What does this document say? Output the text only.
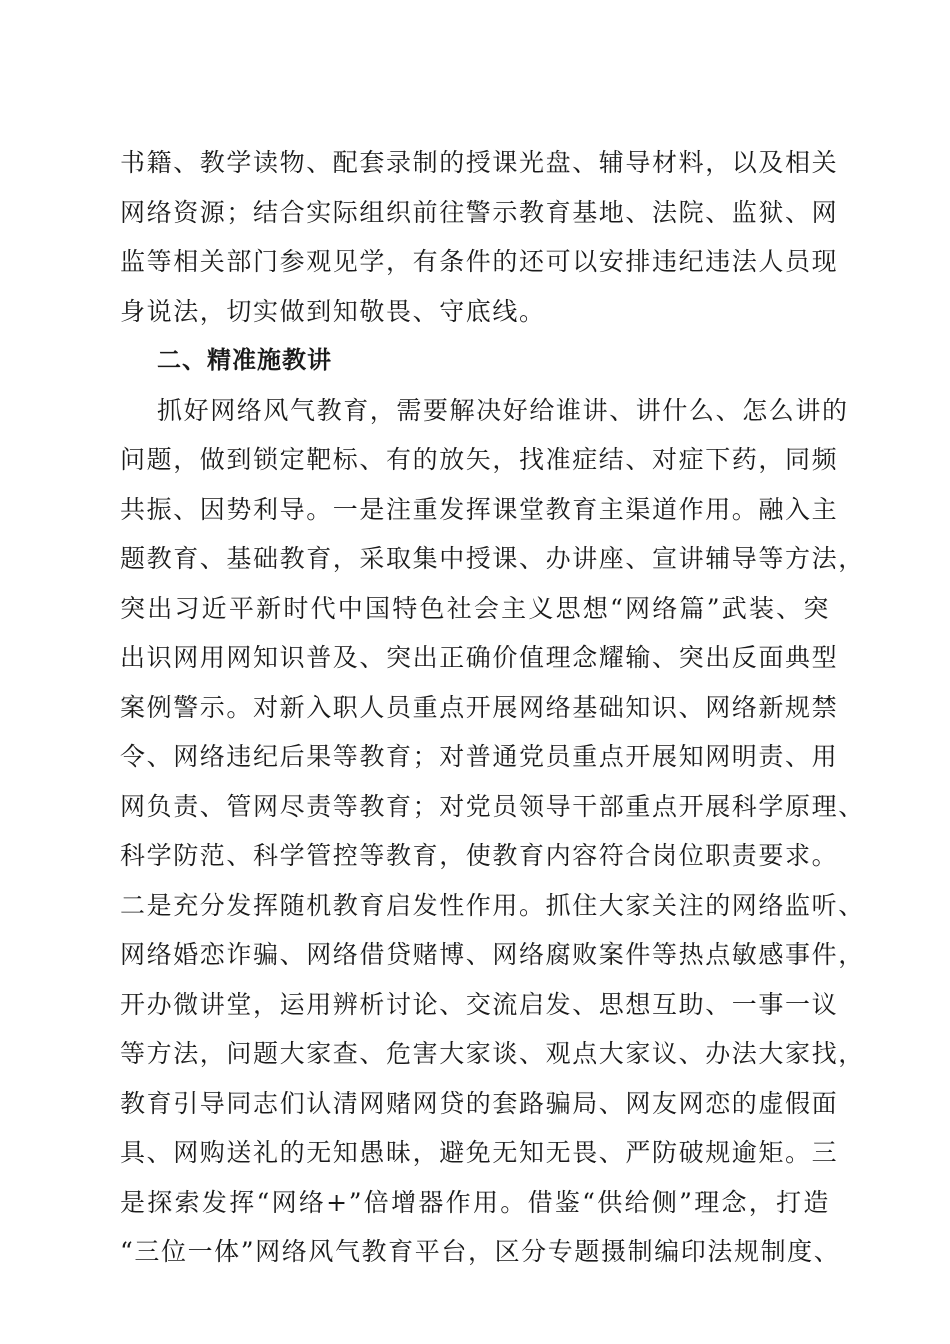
书籍、教学读物、配套录制的授课光盘、辅导材料，以及相关
网络资源；结合实际组织前往警示教育基地、法院、监狱、网
监等相关部门参观见学，有条件的还可以安排违纪违法人员现
身说法，切实做到知敬畏、守底线。
二、精准施教讲
抓好网络风气教育，需要解决好给谁讲、讲什么、怎么讲的
问题，做到锁定靶标、有的放矢，找准症结、对症下药，同频
共振、因势利导。一是注重发挥课堂教育主渠道作用。融入主
题教育、基础教育，采取集中授课、办讲座、宣讲辅导等方法，
突出习近平新时代中国特色社会主义思想“网络篇”武装、突
出识网用网知识普及、突出正确价值理念耀输、突出反面典型
案例警示。对新入职人员重点开展网络基础知识、网络新规禁
令、网络违纪后果等教育；对普通党员重点开展知网明责、用
网负责、管网尽责等教育；对党员领导干部重点开展科学原理、
科学防范、科学管控等教育，使教育内容符合岗位职责要求。
二是充分发挥随机教育启发性作用。抓住大家关注的网络监听、
网络婚恋诈骗、网络借贷赌博、网络腐败案件等热点敏感事件，
开办微讲堂，运用辨析讨论、交流启发、思想互助、一事一议
等方法，问题大家查、危害大家谈、观点大家议、办法大家找，
教育引导同志们认清网赌网贷的套路骗局、网友网恋的虚假面
具、网购送礼的无知愚昧，避免无知无畏、严防破规逾矩。三
是探索发挥“网络+”倍增器作用。借鉴“供给侧”理念，打造
“三位一体”网络风气教育平台，区分专题摄制编印法规制度、
